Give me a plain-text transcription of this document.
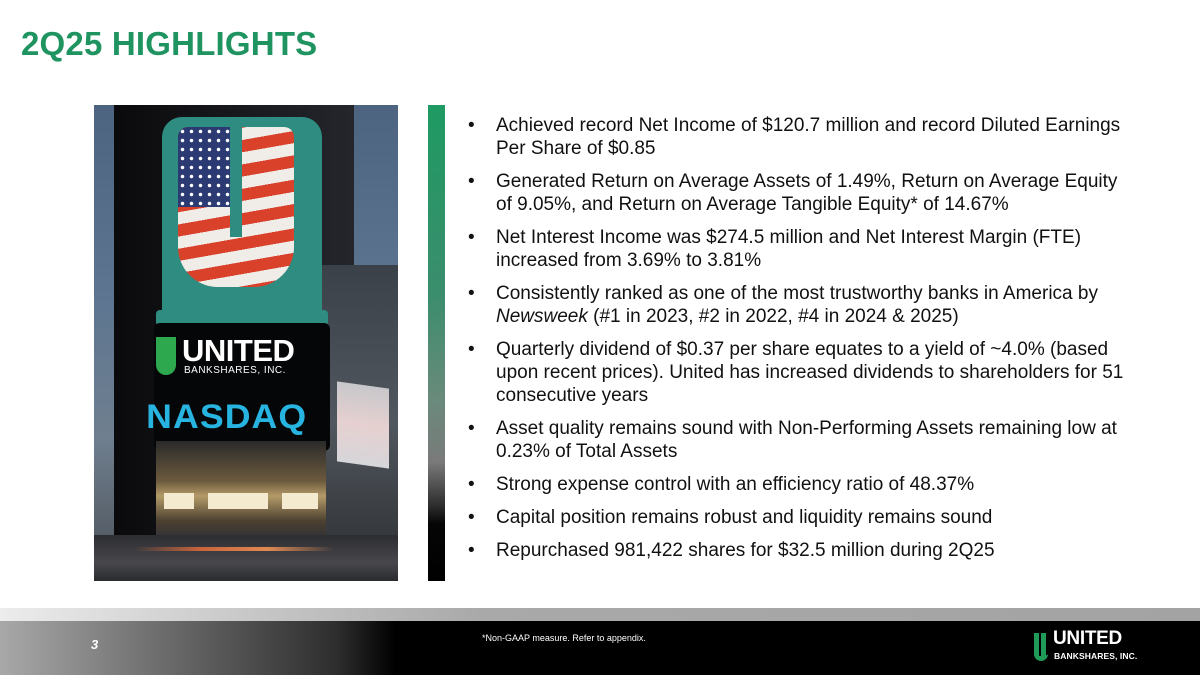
2Q25 HIGHLIGHTS
UNITED
BANKSHARES, INC.
NASDAQ
• Achieved record Net Income of $120.7 million and record Diluted Earnings Per Share of $0.85
• Generated Return on Average Assets of 1.49%, Return on Average Equity of 9.05%, and Return on Average Tangible Equity* of 14.67%
• Net Interest Income was $274.5 million and Net Interest Margin (FTE) increased from 3.69% to 3.81%
• Consistently ranked as one of the most trustworthy banks in America by Newsweek (#1 in 2023, #2 in 2022, #4 in 2024 & 2025)
• Quarterly dividend of $0.37 per share equates to a yield of ~4.0% (based upon recent prices). United has increased dividends to shareholders for 51 consecutive years
• Asset quality remains sound with Non-Performing Assets remaining low at 0.23% of Total Assets
• Strong expense control with an efficiency ratio of 48.37%
• Capital position remains robust and liquidity remains sound
• Repurchased 981,422 shares for $32.5 million during 2Q25
3	*Non-GAAP measure. Refer to appendix.	UNITED
BANKSHARES, INC.
